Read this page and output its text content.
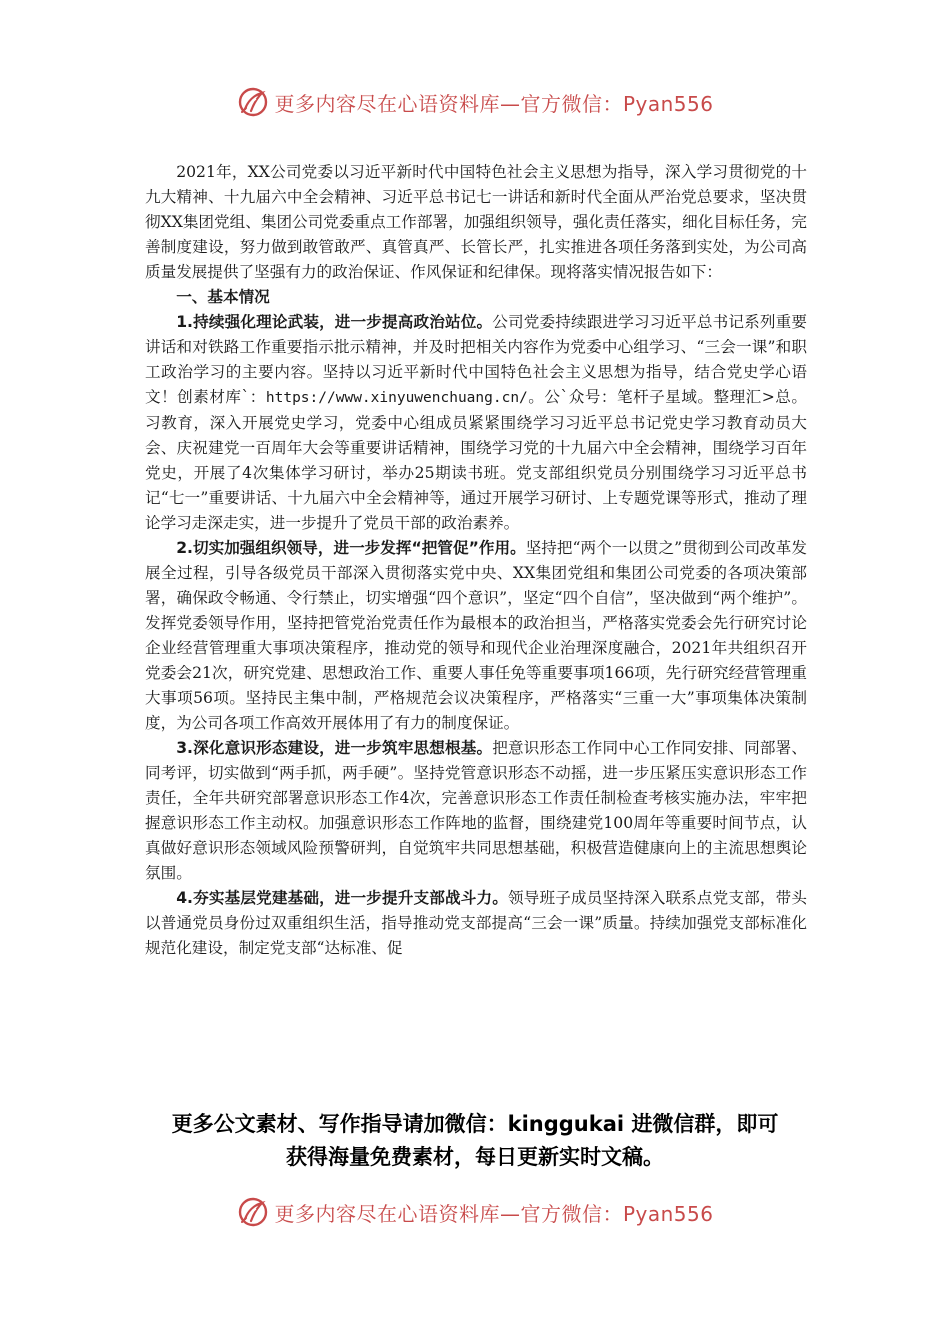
更多内容尽在心语资料库—官方微信：Pyan556

2021年，XX公司党委以习近平新时代中国特色社会主义思想为指导，深入学习贯彻党的十九大精神、十九届六中全会精神、习近平总书记七一讲话和新时代全面从严治党总要求，坚决贯彻XX集团党组、集团公司党委重点工作部署，加强组织领导，强化责任落实，细化目标任务，完善制度建设，努力做到敢管敢严、真管真严、长管长严，扎实推进各项任务落到实处，为公司高质量发展提供了坚强有力的政治保证、作风保证和纪律保。现将落实情况报告如下：

一、基本情况

1.持续强化理论武装，进一步提高政治站位。公司党委持续跟进学习习近平总书记系列重要讲话和对铁路工作重要指示批示精神，并及时把相关内容作为党委中心组学习、“三会一课”和职工政治学习的主要内容。坚持以习近平新时代中国特色社会主义思想为指导，结合党史学心语文！创素材库`：https://www.xinyuwenchuang.cn/。公`众号：笔杆子星域。整理汇>总。习教育，深入开展党史学习，党委中心组成员紧紧围绕学习习近平总书记党史学习教育动员大会、庆祝建党一百周年大会等重要讲话精神，围绕学习党的十九届六中全会精神，围绕学习百年党史，开展了4次集体学习研讨，举办25期读书班。党支部组织党员分别围绕学习习近平总书记“七一”重要讲话、十九届六中全会精神等，通过开展学习研讨、上专题党课等形式，推动了理论学习走深走实，进一步提升了党员干部的政治素养。

2.切实加强组织领导，进一步发挥“把管促”作用。坚持把“两个一以贯之”贯彻到公司改革发展全过程，引导各级党员干部深入贯彻落实党中央、XX集团党组和集团公司党委的各项决策部署，确保政令畅通、令行禁止，切实增强“四个意识”，坚定“四个自信”，坚决做到“两个维护”。发挥党委领导作用，坚持把管党治党责任作为最根本的政治担当，严格落实党委会先行研究讨论企业经营管理重大事项决策程序，推动党的领导和现代企业治理深度融合，2021年共组织召开党委会21次，研究党建、思想政治工作、重要人事任免等重要事项166项，先行研究经营管理重大事项56项。坚持民主集中制，严格规范会议决策程序，严格落实“三重一大”事项集体决策制度，为公司各项工作高效开展体用了有力的制度保证。

3.深化意识形态建设，进一步筑牢思想根基。把意识形态工作同中心工作同安排、同部署、同考评，切实做到“两手抓，两手硬”。坚持党管意识形态不动摇，进一步压紧压实意识形态工作责任，全年共研究部署意识形态工作4次，完善意识形态工作责任制检查考核实施办法，牢牢把握意识形态工作主动权。加强意识形态工作阵地的监督，围绕建党100周年等重要时间节点，认真做好意识形态领域风险预警研判，自觉筑牢共同思想基础，积极营造健康向上的主流思想舆论氛围。

4.夯实基层党建基础，进一步提升支部战斗力。领导班子成员坚持深入联系点党支部，带头以普通党员身份过双重组织生活，指导推动党支部提高“三会一课”质量。持续加强党支部标准化规范化建设，制定党支部“达标准、促

更多公文素材、写作指导请加微信：kinggukai 进微信群，即可
获得海量免费素材，每日更新实时文稿。
更多内容尽在心语资料库—官方微信：Pyan556
